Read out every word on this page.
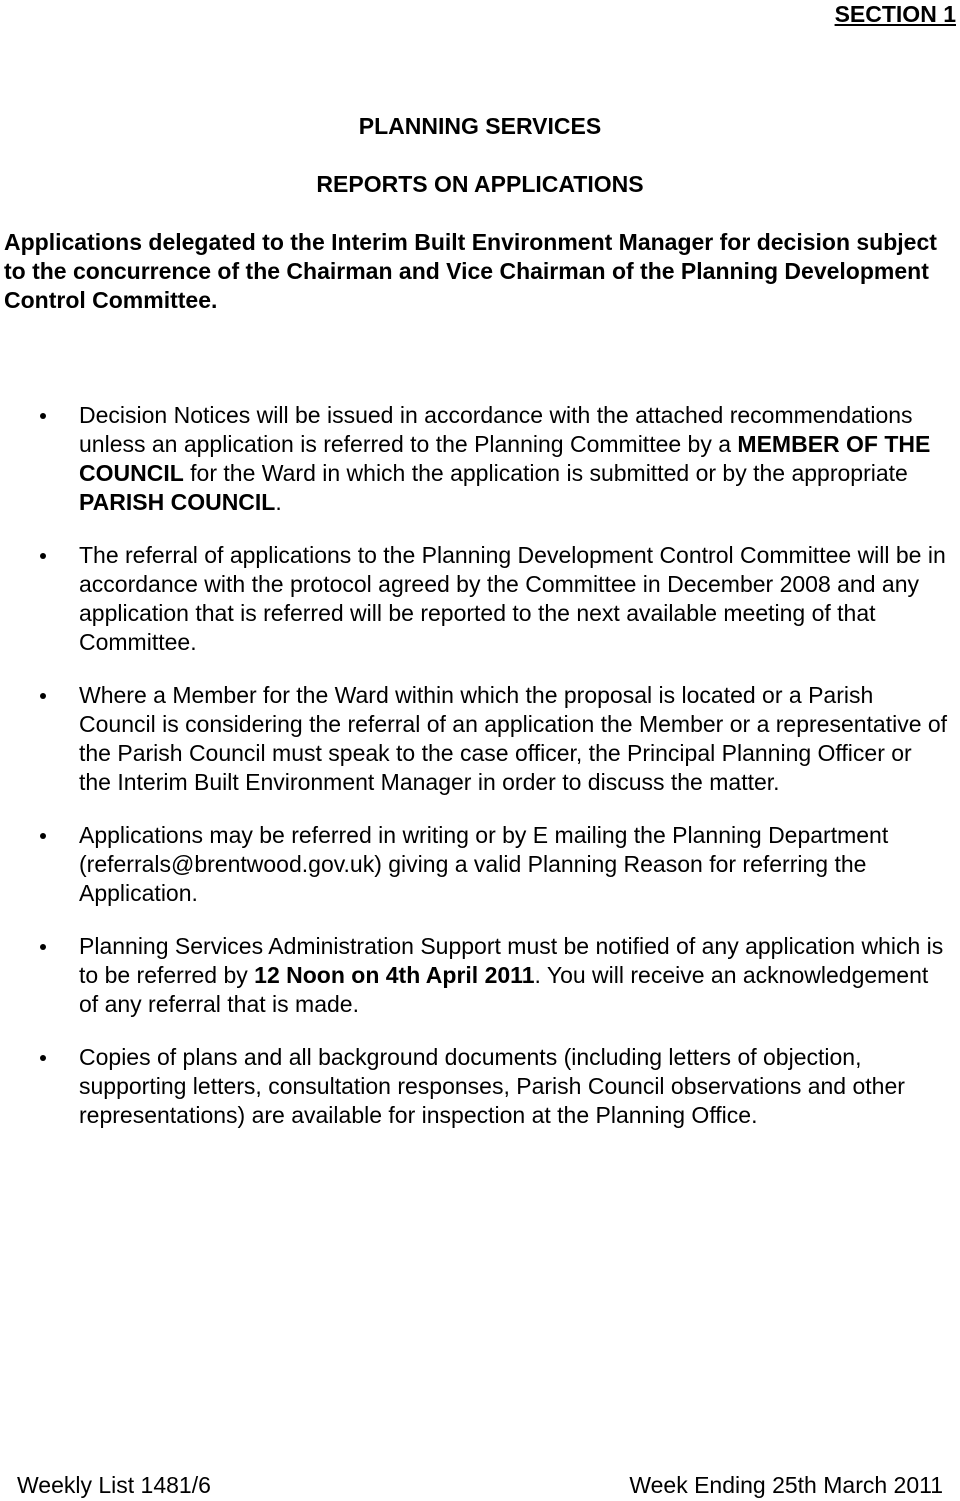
SECTION 1
PLANNING SERVICES
REPORTS ON APPLICATIONS
Applications delegated to the Interim Built Environment Manager for decision subject to the concurrence of the Chairman and Vice Chairman of the Planning Development Control Committee.
Decision Notices will be issued in accordance with the attached recommendations unless an application is referred to the Planning Committee by a MEMBER OF THE COUNCIL for the Ward in which the application is submitted or by the appropriate PARISH COUNCIL.
The referral of applications to the Planning Development Control Committee will be in accordance with the protocol agreed by the Committee in December 2008 and any application that is referred will be reported to the next available meeting of that Committee.
Where a Member for the Ward within which the proposal is located or a Parish Council is considering the referral of an application the Member or a representative of the Parish Council must speak to the case officer, the Principal Planning Officer or the Interim Built Environment Manager in order to discuss the matter.
Applications may be referred in writing or by E mailing the Planning Department (referrals@brentwood.gov.uk) giving a valid Planning Reason for referring the Application.
Planning Services Administration Support must be notified of any application which is to be referred by 12 Noon on 4th April 2011. You will receive an acknowledgement of any referral that is made.
Copies of plans and all background documents (including letters of objection, supporting letters, consultation responses, Parish Council observations and other representations) are available for inspection at the Planning Office.
Weekly List 1481/6	Week Ending 25th March 2011
